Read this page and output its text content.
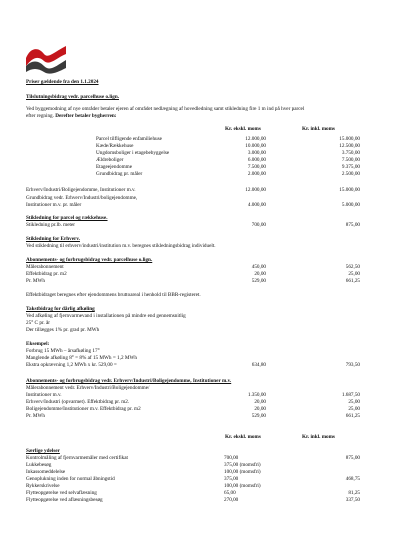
Priser gældende fra den 1.1.2024
Tilslutningsbidrag vedr. parcelhuse o.lign.
Ved byggemodning af nye områder betaler ejeren af området nedlægning af hovedledning samt stikledning fire 1 m ind på hver parcel
efter regning. Derefter betaler bygherren:
Kr. ekskl. moms	Kr. inkl. moms
Parcel tilfligende enfamiliehuse	12.000,00	15.000,00
Kæde/Rækkehuse	10.000,00	12.500,00
Ungdomsboliger i etagebebyggelse	3.000,00	3.750,00
Ældreboliger	6.000,00	7.500,00
Etageejendomme	7.500,00	9.375,00
Grundbidrag pr. måler	2.000,00	2.500,00
Erhverv/Industri/Boligejendomme, Institutioner m.v.	12.000,00	15.000,00
Grundbidrag vedr. Erhverv/Industri/boligejendomme,
Institutioner m.v. pr. måler	4.000,00	5.000,00
Stikledning for parcel og rækkehuse.
Stikledning pr.lb. meter	700,00	875,00
Stikledning for Erhverv.
Ved stikledning til erhverv/industri/institution m.v. beregnes stikledningsbidrag individuelt.
Abonnements- og forbrugsbidrag vedr. parcelhuse o.lign.
Målerabonnement	450,00	562,50
Effektbidrag pr. m2	20,00	25,00
Pr. MWh	529,00	661,25
Effektbidraget beregnes efter ejendommens bruttoareal i henhold til BBR-registeret.
Takstbidrag for dårlig afkøling
Ved afkøling af fjernvarmevand i installationen på mindre end gennemsnitlig
25° C pr. år
Der tillægges 1% pr. grad pr. MWh
Eksempel:
Forbrug 15 MWh – årsafkøling 17°
Manglende afkøling 8° = 8% af 15 MWh = 1,2 MWh
Ekstra opkrævning 1,2 MWh x kr. 529,00 =	634,80	793,50
Abonnements- og forbrugsbidrag vedr. Erhverv/Industri/Boligejendomme, Institutioner m.v.
Målerabonnement vedr. Erhverv/Industri/Boligejendomme/
Institutioner m.v.	1.350,00	1.687,50
Erhverv/Industri (opvarmet). Effektbidrag pr. m2.	20,00	25,00
Boligejendomme/Institutioner m.v. Effektbidrag pr. m2	20,00	25,00
Pr. MWh	529,00	661,25
Kr. ekskl. moms	Kr. inkl. moms
Særlige ydelser
Kontrolmåling af fjernvarmemåler med certifikat	700,00	875,00
Lukkebesøg	375,00 (momsfri)
Inkassomeddelelse	100,00 (momsfri)
Genoplukning inden for normal åbningstid	375,00	468,75
Rykkerskrivelse	100,00 (momsfri)
Flytteopgørelse ved selvaflæsning	65,00	81,25
Flytteopgørelse ved aflæsningsbesøg	270,00	337,50
